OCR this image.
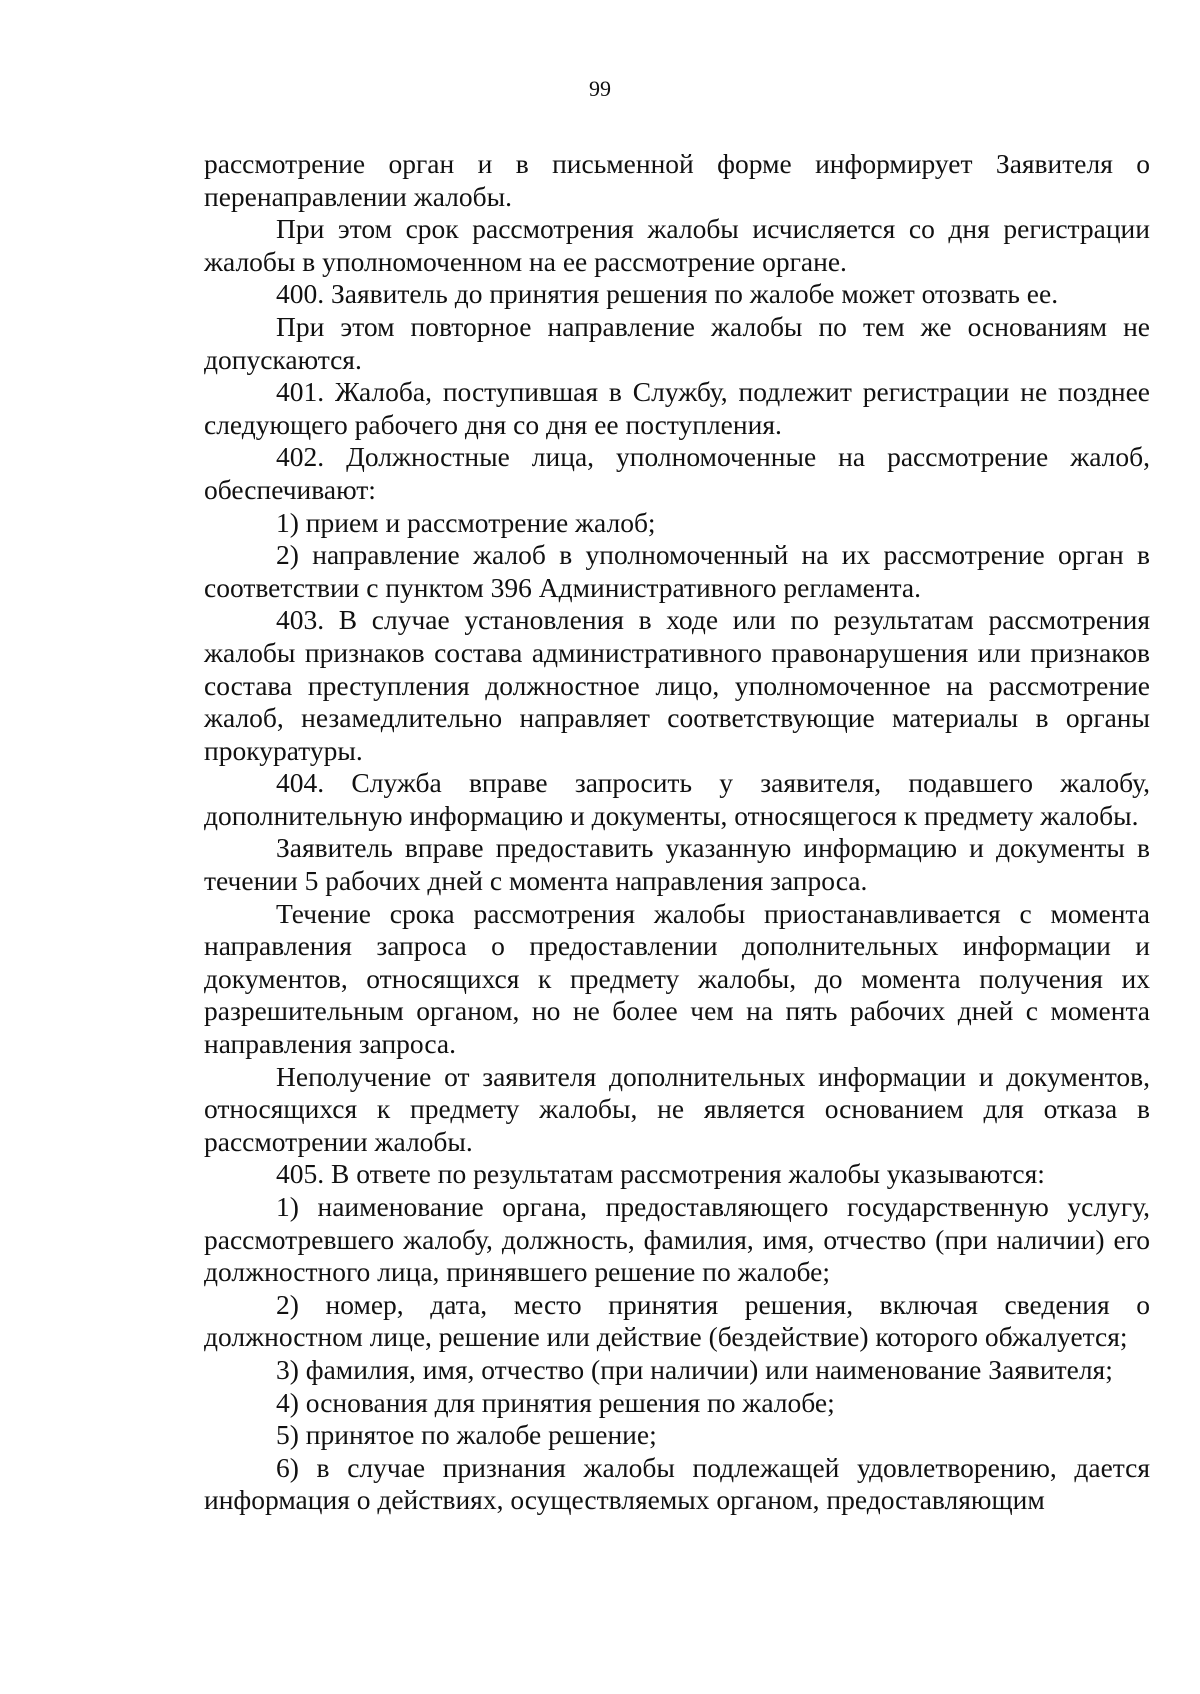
99

рассмотрение орган и в письменной форме информирует Заявителя о перенаправлении жалобы.

При этом срок рассмотрения жалобы исчисляется со дня регистрации жалобы в уполномоченном на ее рассмотрение органе.

400. Заявитель до принятия решения по жалобе может отозвать ее.

При этом повторное направление жалобы по тем же основаниям не допускаются.

401. Жалоба, поступившая в Службу, подлежит регистрации не позднее следующего рабочего дня со дня ее поступления.

402. Должностные лица, уполномоченные на рассмотрение жалоб, обеспечивают:

1) прием и рассмотрение жалоб;

2) направление жалоб в уполномоченный на их рассмотрение орган в соответствии с пунктом 396 Административного регламента.

403. В случае установления в ходе или по результатам рассмотрения жалобы признаков состава административного правонарушения или признаков состава преступления должностное лицо, уполномоченное на рассмотрение жалоб, незамедлительно направляет соответствующие материалы в органы прокуратуры.

404. Служба вправе запросить у заявителя, подавшего жалобу, дополнительную информацию и документы, относящегося к предмету жалобы.

Заявитель вправе предоставить указанную информацию и документы в течении 5 рабочих дней с момента направления запроса.

Течение срока рассмотрения жалобы приостанавливается с момента направления запроса о предоставлении дополнительных информации и документов, относящихся к предмету жалобы, до момента получения их разрешительным органом, но не более чем на пять рабочих дней с момента направления запроса.

Неполучение от заявителя дополнительных информации и документов, относящихся к предмету жалобы, не является основанием для отказа в рассмотрении жалобы.

405. В ответе по результатам рассмотрения жалобы указываются:

1) наименование органа, предоставляющего государственную услугу, рассмотревшего жалобу, должность, фамилия, имя, отчество (при наличии) его должностного лица, принявшего решение по жалобе;

2) номер, дата, место принятия решения, включая сведения о должностном лице, решение или действие (бездействие) которого обжалуется;

3) фамилия, имя, отчество (при наличии) или наименование Заявителя;

4) основания для принятия решения по жалобе;

5) принятое по жалобе решение;

6) в случае признания жалобы подлежащей удовлетворению, дается информация о действиях, осуществляемых органом, предоставляющим
